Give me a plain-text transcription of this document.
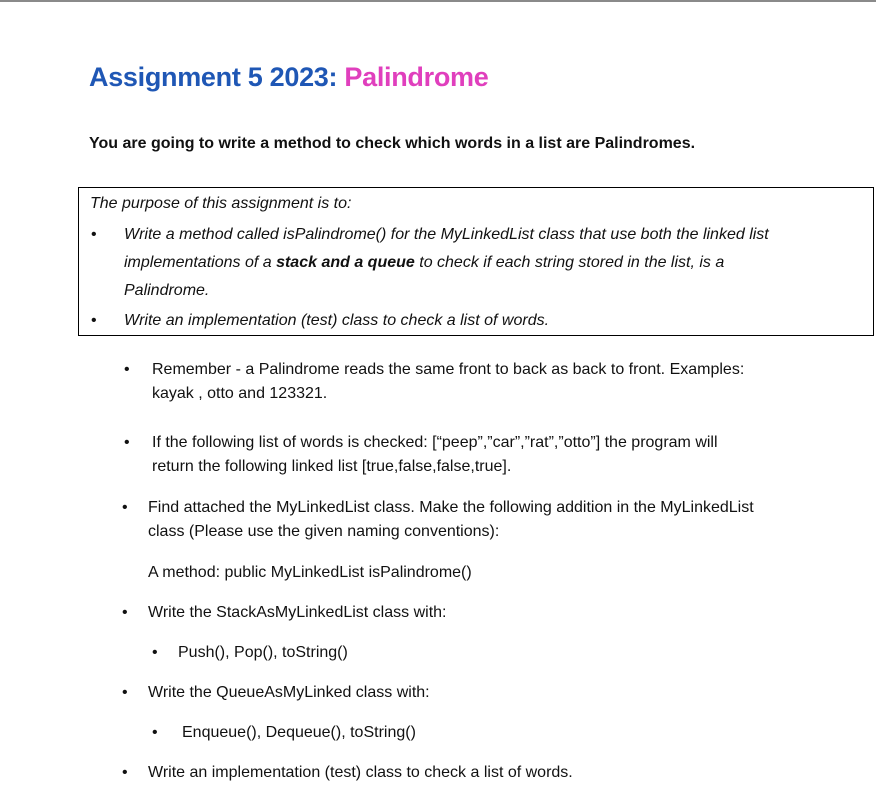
Assignment 5 2023: Palindrome
You are going to write a method to check which words in a list are Palindromes.
The purpose of this assignment is to:
• Write a method called isPalindrome() for the MyLinkedList class that use both the linked list
implementations of a stack and a queue to check if each string stored in the list, is a
Palindrome.
• Write an implementation (test) class to check a list of words.
• Remember - a Palindrome reads the same front to back as back to front. Examples:
kayak , otto and 123321.
• If the following list of words is checked: [“peep”,”car”,”rat”,”otto”] the program will
return the following linked list [true,false,false,true].
• Find attached the MyLinkedList class. Make the following addition in the MyLinkedList
class (Please use the given naming conventions):
A method: public MyLinkedList isPalindrome()
• Write the StackAsMyLinkedList class with:
• Push(), Pop(), toString()
• Write the QueueAsMyLinked class with:
• Enqueue(), Dequeue(), toString()
• Write an implementation (test) class to check a list of words.
